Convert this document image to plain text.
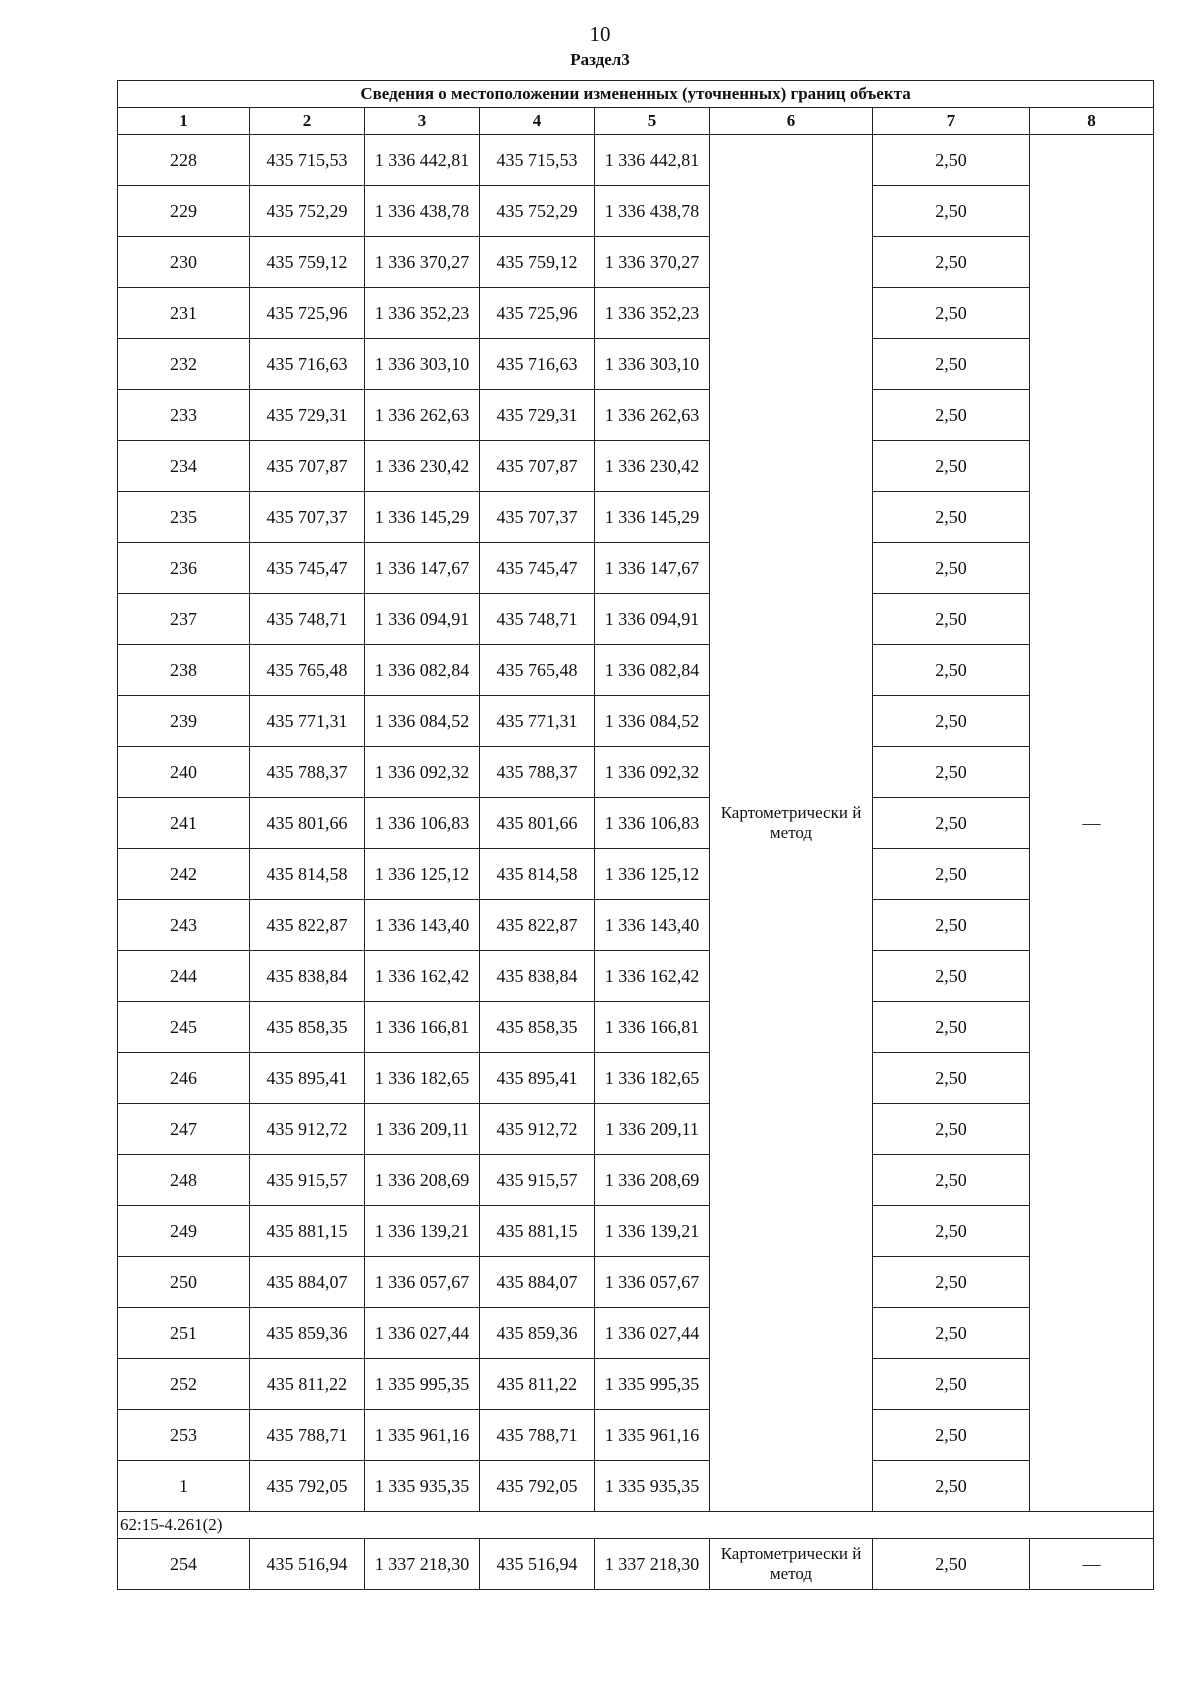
10
Раздел3
Сведения о местоположении измененных (уточненных) границ объекта							
1	2	3	4	5	6	7	8
228	435 715,53	1 336 442,81	435 715,53	1 336 442,81	Картометрически й метод	2,50	—
229	435 752,29	1 336 438,78	435 752,29	1 336 438,78		2,50	
230	435 759,12	1 336 370,27	435 759,12	1 336 370,27		2,50	
231	435 725,96	1 336 352,23	435 725,96	1 336 352,23		2,50	
232	435 716,63	1 336 303,10	435 716,63	1 336 303,10		2,50	
233	435 729,31	1 336 262,63	435 729,31	1 336 262,63		2,50	
234	435 707,87	1 336 230,42	435 707,87	1 336 230,42		2,50	
235	435 707,37	1 336 145,29	435 707,37	1 336 145,29		2,50	
236	435 745,47	1 336 147,67	435 745,47	1 336 147,67		2,50	
237	435 748,71	1 336 094,91	435 748,71	1 336 094,91		2,50	
238	435 765,48	1 336 082,84	435 765,48	1 336 082,84		2,50	
239	435 771,31	1 336 084,52	435 771,31	1 336 084,52		2,50	
240	435 788,37	1 336 092,32	435 788,37	1 336 092,32		2,50	
241	435 801,66	1 336 106,83	435 801,66	1 336 106,83		2,50	
242	435 814,58	1 336 125,12	435 814,58	1 336 125,12		2,50	
243	435 822,87	1 336 143,40	435 822,87	1 336 143,40		2,50	
244	435 838,84	1 336 162,42	435 838,84	1 336 162,42		2,50	
245	435 858,35	1 336 166,81	435 858,35	1 336 166,81		2,50	
246	435 895,41	1 336 182,65	435 895,41	1 336 182,65		2,50	
247	435 912,72	1 336 209,11	435 912,72	1 336 209,11		2,50	
248	435 915,57	1 336 208,69	435 915,57	1 336 208,69		2,50	
249	435 881,15	1 336 139,21	435 881,15	1 336 139,21		2,50	
250	435 884,07	1 336 057,67	435 884,07	1 336 057,67		2,50	
251	435 859,36	1 336 027,44	435 859,36	1 336 027,44		2,50	
252	435 811,22	1 335 995,35	435 811,22	1 335 995,35		2,50	
253	435 788,71	1 335 961,16	435 788,71	1 335 961,16		2,50	
1	435 792,05	1 335 935,35	435 792,05	1 335 935,35		2,50	
62:15-4.261(2)							
254	435 516,94	1 337 218,30	435 516,94	1 337 218,30	Картометрически й метод	2,50	—
